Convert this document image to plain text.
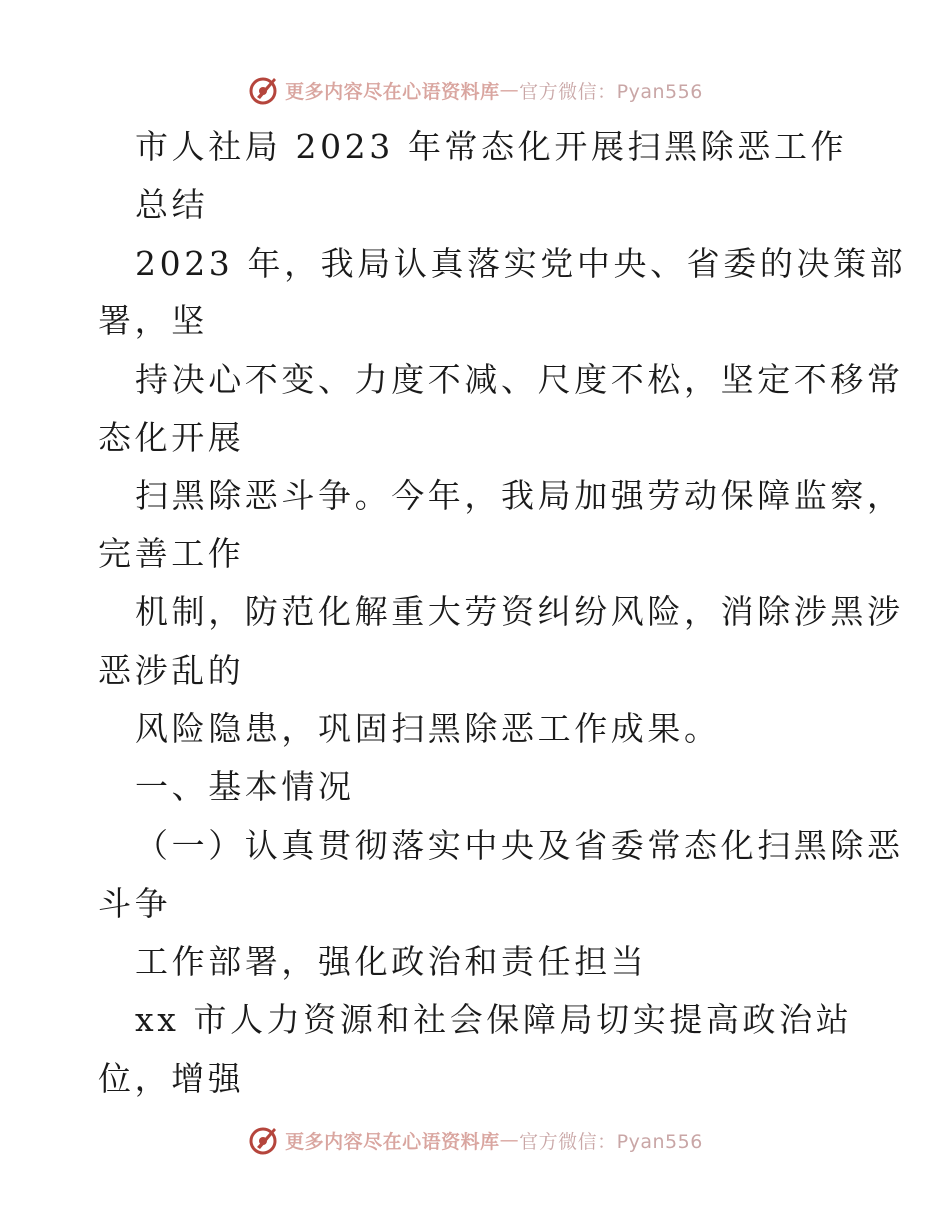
更多内容尽在心语资料库 — 官方微信：Pyan556
市人社局 2023 年常态化开展扫黑除恶工作
总结
2023 年，我局认真落实党中央、省委的决策部
署，坚
持决心不变、力度不减、尺度不松，坚定不移常
态化开展
扫黑除恶斗争。今年，我局加强劳动保障监察，
完善工作
机制，防范化解重大劳资纠纷风险，消除涉黑涉
恶涉乱的
风险隐患，巩固扫黑除恶工作成果。
一、基本情况
（一）认真贯彻落实中央及省委常态化扫黑除恶
斗争
工作部署，强化政治和责任担当
xx 市人力资源和社会保障局切实提高政治站
位，增强
更多内容尽在心语资料库 — 官方微信：Pyan556
